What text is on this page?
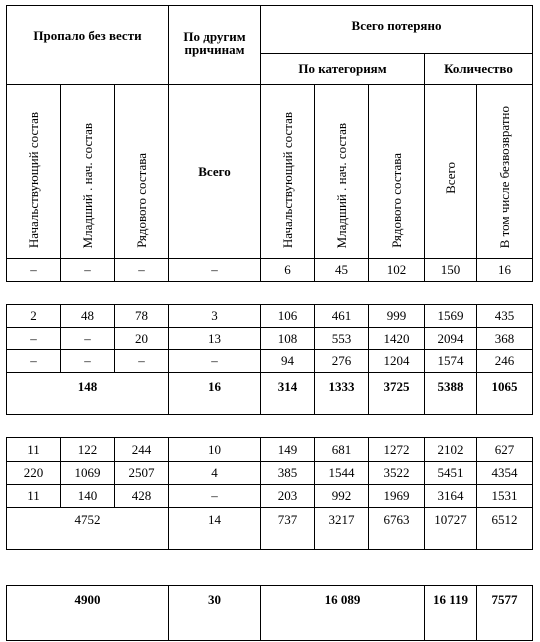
Пропало без вести			По другим причинам	Всего потеряно				
				По категориям			Количество	
Начальствующий состав	Младший . нач. состав	Рядового состава	Всего	Начальствующий состав	Младший . нач. состав	Рядового состава	Всего	В том числе безвозвратно
–	–	–	–	6	45	102	150	16

2	48	78	3	106	461	999	1569	435
–	–	20	13	108	553	1420	2094	368
–	–	–	–	94	276	1204	1574	246
148			16	314	1333	3725	5388	1065

11	122	244	10	149	681	1272	2102	627
220	1069	2507	4	385	1544	3522	5451	4354
11	140	428	–	203	992	1969	3164	1531
4752			14	737	3217	6763	10727	6512

4900			30	16 089			16 119	7577
